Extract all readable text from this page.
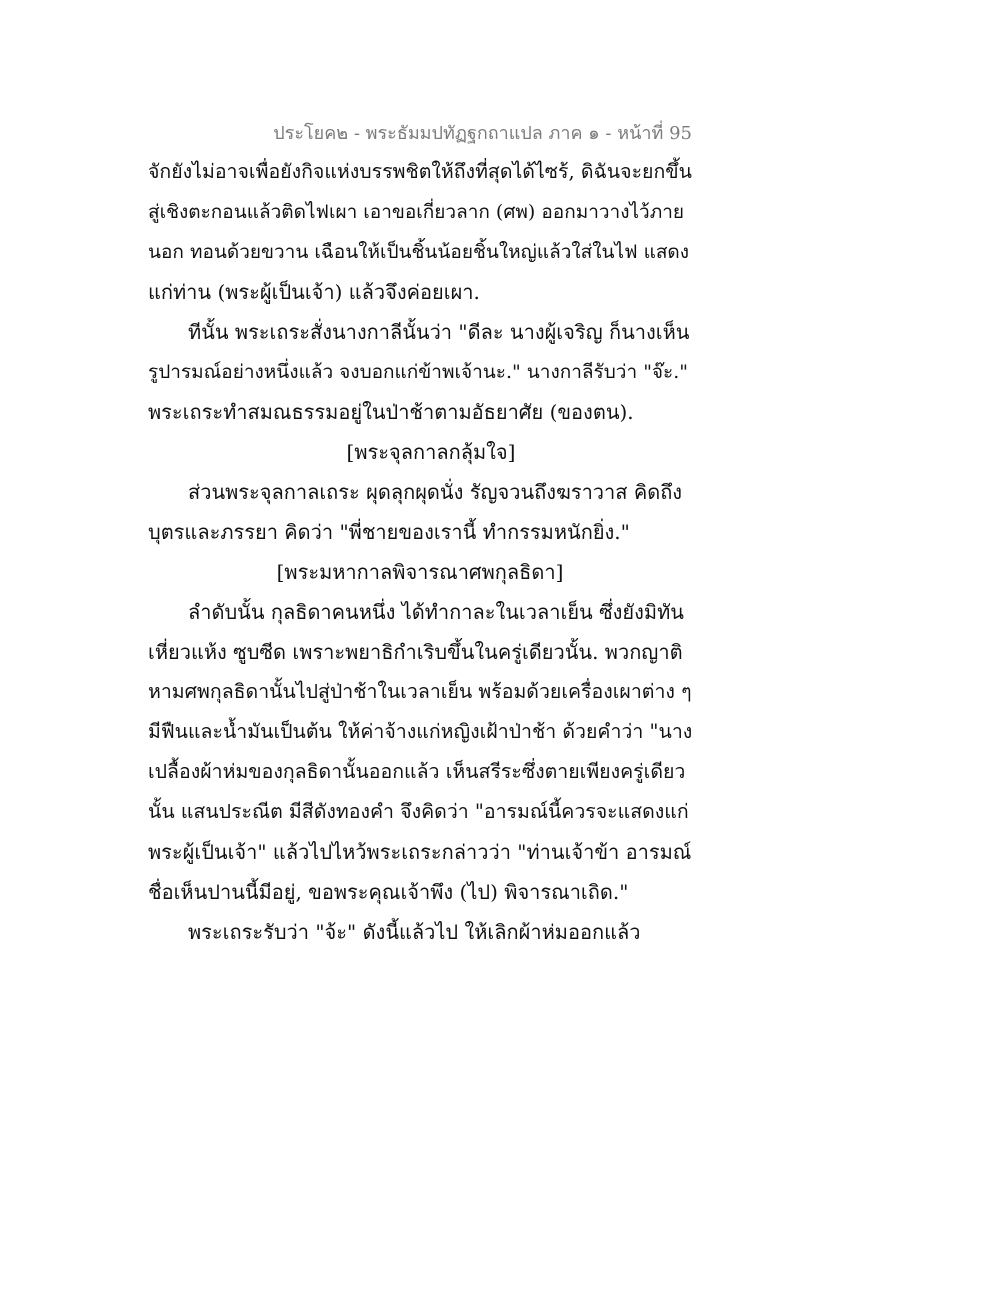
ประโยค๒ - พระธัมมปทัฏฐกถาแปล ภาค ๑ - หน้าที่ 95
จักยังไม่อาจเพื่อยังกิจแห่งบรรพชิตให้ถึงที่สุดได้ไซร้, ดิฉันจะยกขึ้น
สู่เชิงตะกอนแล้วติดไฟเผา เอาขอเกี่ยวลาก (ศพ) ออกมาวางไว้ภาย
นอก ทอนด้วยขวาน เฉือนให้เป็นชิ้นน้อยชิ้นใหญ่แล้วใส่ในไฟ แสดง
แก่ท่าน (พระผู้เป็นเจ้า) แล้วจึงค่อยเผา.
ทีนั้น พระเถระสั่งนางกาลีนั้นว่า "ดีละ นางผู้เจริญ ก็นางเห็น
รูปารมณ์อย่างหนึ่งแล้ว จงบอกแก่ข้าพเจ้านะ." นางกาลีรับว่า "จ๊ะ."
พระเถระทำสมณธรรมอยู่ในป่าช้าตามอัธยาศัย (ของตน).
[พระจุลกาลกลุ้มใจ]
ส่วนพระจุลกาลเถระ ผุดลุกผุดนั่ง รัญจวนถึงฆราวาส คิดถึง
บุตรและภรรยา คิดว่า "พี่ชายของเรานี้ ทำกรรมหนักยิ่ง."
[พระมหากาลพิจารณาศพกุลธิดา]
ลำดับนั้น กุลธิดาคนหนึ่ง ได้ทำกาละในเวลาเย็น ซึ่งยังมิทัน
เหี่ยวแห้ง ซูบซีด เพราะพยาธิกำเริบขึ้นในครู่เดียวนั้น. พวกญาติ
หามศพกุลธิดานั้นไปสู่ป่าช้าในเวลาเย็น พร้อมด้วยเครื่องเผาต่าง ๆ
มีฟืนและน้ำมันเป็นต้น ให้ค่าจ้างแก่หญิงเฝ้าป่าช้า ด้วยคำว่า "นาง
เปลื้องผ้าห่มของกุลธิดานั้นออกแล้ว เห็นสรีระซึ่งตายเพียงครู่เดียว
นั้น แสนประณีต มีสีดังทองคำ จึงคิดว่า "อารมณ์นี้ควรจะแสดงแก่
พระผู้เป็นเจ้า" แล้วไปไหว้พระเถระกล่าวว่า "ท่านเจ้าข้า อารมณ์
ชื่อเห็นปานนี้มีอยู่, ขอพระคุณเจ้าพึง (ไป) พิจารณาเถิด."
พระเถระรับว่า "จ้ะ" ดังนี้แล้วไป ให้เลิกผ้าห่มออกแล้ว
